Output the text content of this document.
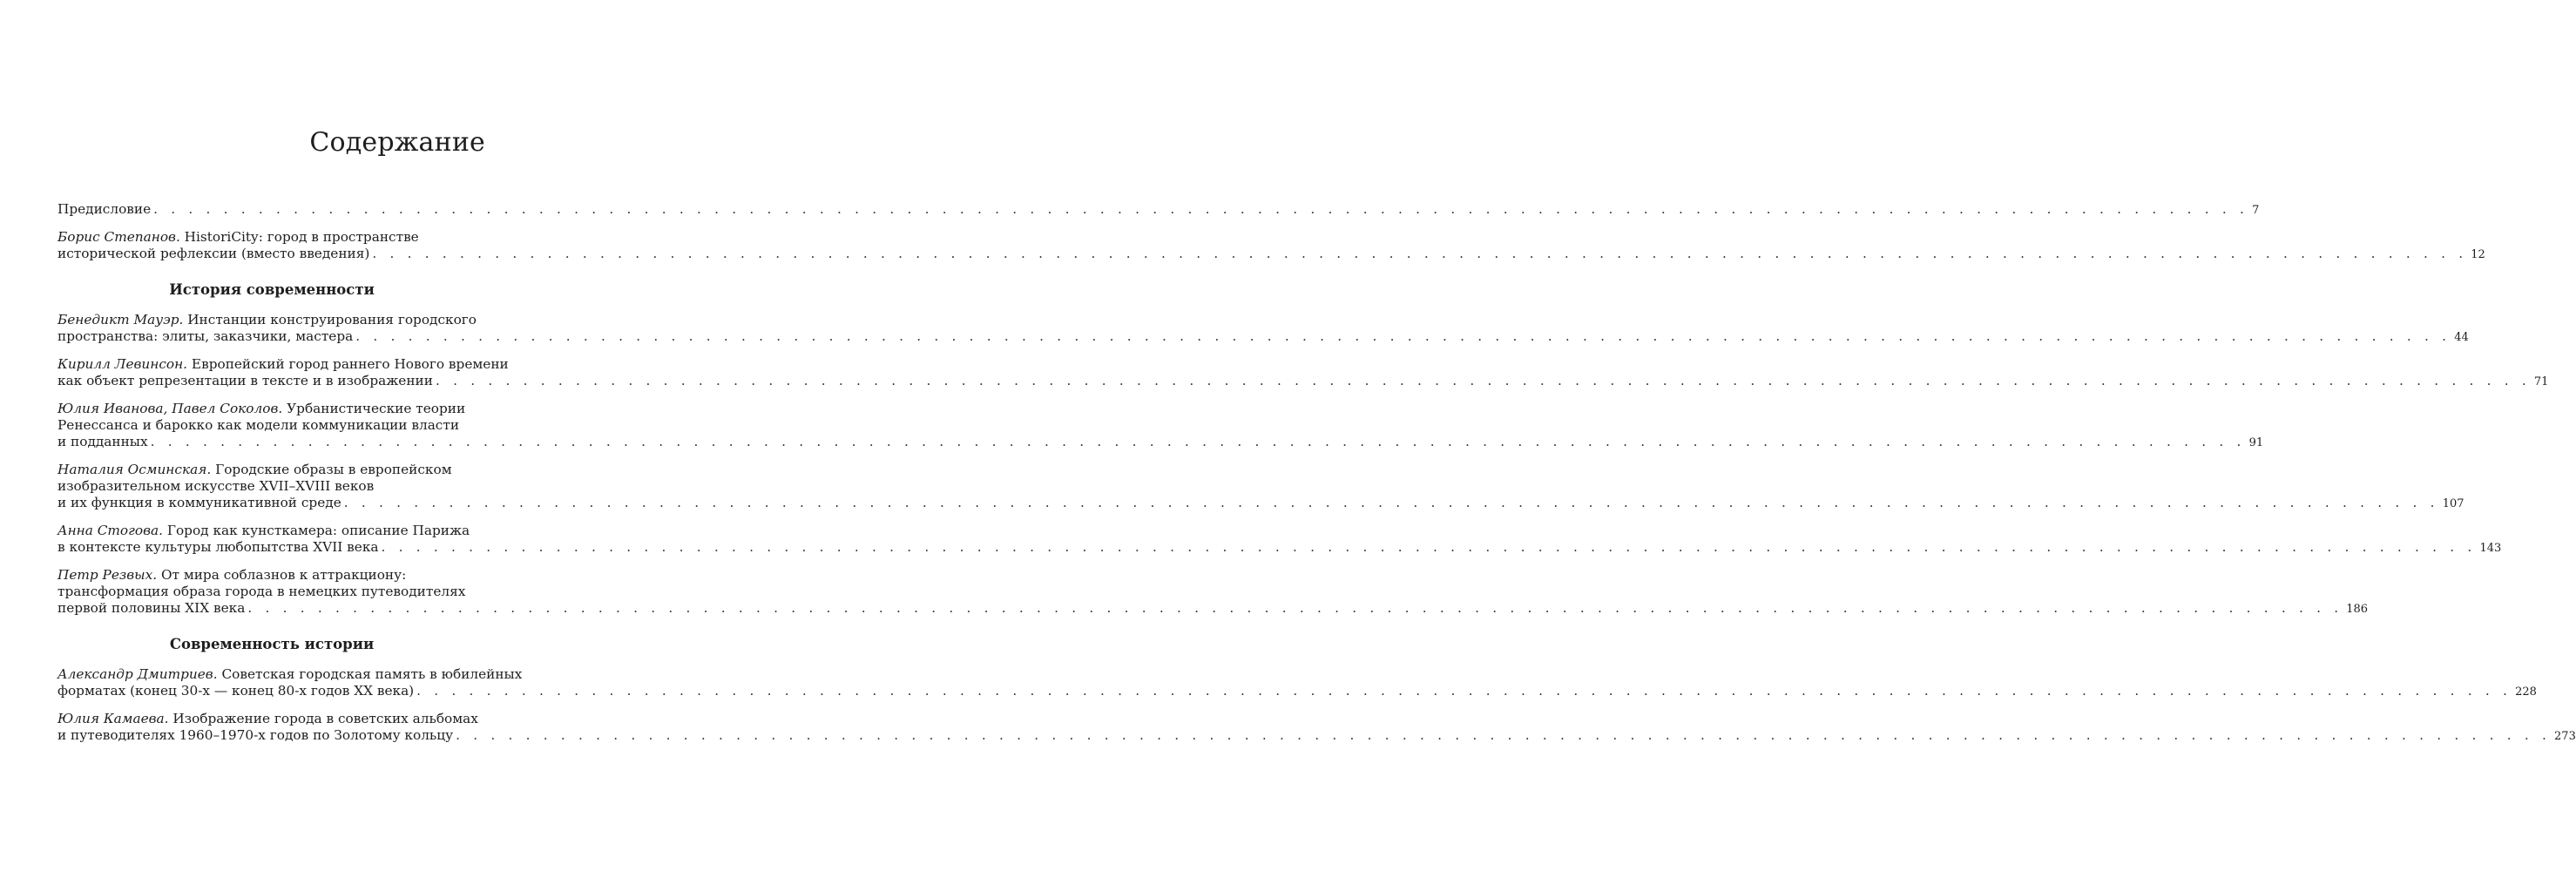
Содержание
Предисловие . . . . . . . . . . . . . . . . . . . . . . . . . . . . . . . . . . . . . . . . . . . . . . . . . . . . . . . . . . . . . . . . . . . . . . . . . . . . . . . . . . . . . . . . . . . . . . . . . . . . . . . . . . . . . . . . . . . . . . . . 7
Борис Степанов. HistoriCity: город в пространстве
исторической рефлексии (вместо введения) . . . . . . . . . . . . . . . . . . . . . . . . . . . . . . . . . . . . . . . . . . . . . . . . . . . . . . . . . . . . . . . . . . . . . . . . . . . . . . . . . . . . . . . . . . . . . . . . . . . . . . . . . . . . . . . . . . . . . . . . 12
История современности
Бенедикт Мауэр. Инстанции конструирования городского
пространства: элиты, заказчики, мастера . . . . . . . . . . . . . . . . . . . . . . . . . . . . . . . . . . . . . . . . . . . . . . . . . . . . . . . . . . . . . . . . . . . . . . . . . . . . . . . . . . . . . . . . . . . . . . . . . . . . . . . . . . . . . . . . . . . . . . . . 44
Кирилл Левинсон. Европейский город раннего Нового времени
как объект репрезентации в тексте и в изображении . . . . . . . . . . . . . . . . . . . . . . . . . . . . . . . . . . . . . . . . . . . . . . . . . . . . . . . . . . . . . . . . . . . . . . . . . . . . . . . . . . . . . . . . . . . . . . . . . . . . . . . . . . . . . . . . . . . . . . . . 71
Юлия Иванова, Павел Соколов. Урбанистические теории
Ренессанса и барокко как модели коммуникации власти
и подданных . . . . . . . . . . . . . . . . . . . . . . . . . . . . . . . . . . . . . . . . . . . . . . . . . . . . . . . . . . . . . . . . . . . . . . . . . . . . . . . . . . . . . . . . . . . . . . . . . . . . . . . . . . . . . . . . . . . . . . . . 91
Наталия Осминская. Городские образы в европейском
изобразительном искусстве XVII–XVIII веков
и их функция в коммуникативной среде . . . . . . . . . . . . . . . . . . . . . . . . . . . . . . . . . . . . . . . . . . . . . . . . . . . . . . . . . . . . . . . . . . . . . . . . . . . . . . . . . . . . . . . . . . . . . . . . . . . . . . . . . . . . . . . . . . . . . . . . 107
Анна Стогова. Город как кунсткамера: описание Парижа
в контексте культуры любопытства XVII века . . . . . . . . . . . . . . . . . . . . . . . . . . . . . . . . . . . . . . . . . . . . . . . . . . . . . . . . . . . . . . . . . . . . . . . . . . . . . . . . . . . . . . . . . . . . . . . . . . . . . . . . . . . . . . . . . . . . . . . . 143
Петр Резвых. От мира соблазнов к аттракциону:
трансформация образа города в немецких путеводителях
первой половины XIX века . . . . . . . . . . . . . . . . . . . . . . . . . . . . . . . . . . . . . . . . . . . . . . . . . . . . . . . . . . . . . . . . . . . . . . . . . . . . . . . . . . . . . . . . . . . . . . . . . . . . . . . . . . . . . . . . . . . . . . . . 186
Современность истории
Александр Дмитриев. Советская городская память в юбилейных
форматах (конец 30-х — конец 80-х годов XX века) . . . . . . . . . . . . . . . . . . . . . . . . . . . . . . . . . . . . . . . . . . . . . . . . . . . . . . . . . . . . . . . . . . . . . . . . . . . . . . . . . . . . . . . . . . . . . . . . . . . . . . . . . . . . . . . . . . . . . . . . 228
Юлия Камаева. Изображение города в советских альбомах
и путеводителях 1960–1970-х годов по Золотому кольцу . . . . . . . . . . . . . . . . . . . . . . . . . . . . . . . . . . . . . . . . . . . . . . . . . . . . . . . . . . . . . . . . . . . . . . . . . . . . . . . . . . . . . . . . . . . . . . . . . . . . . . . . . . . . . . . . . . . . . . . . 273
